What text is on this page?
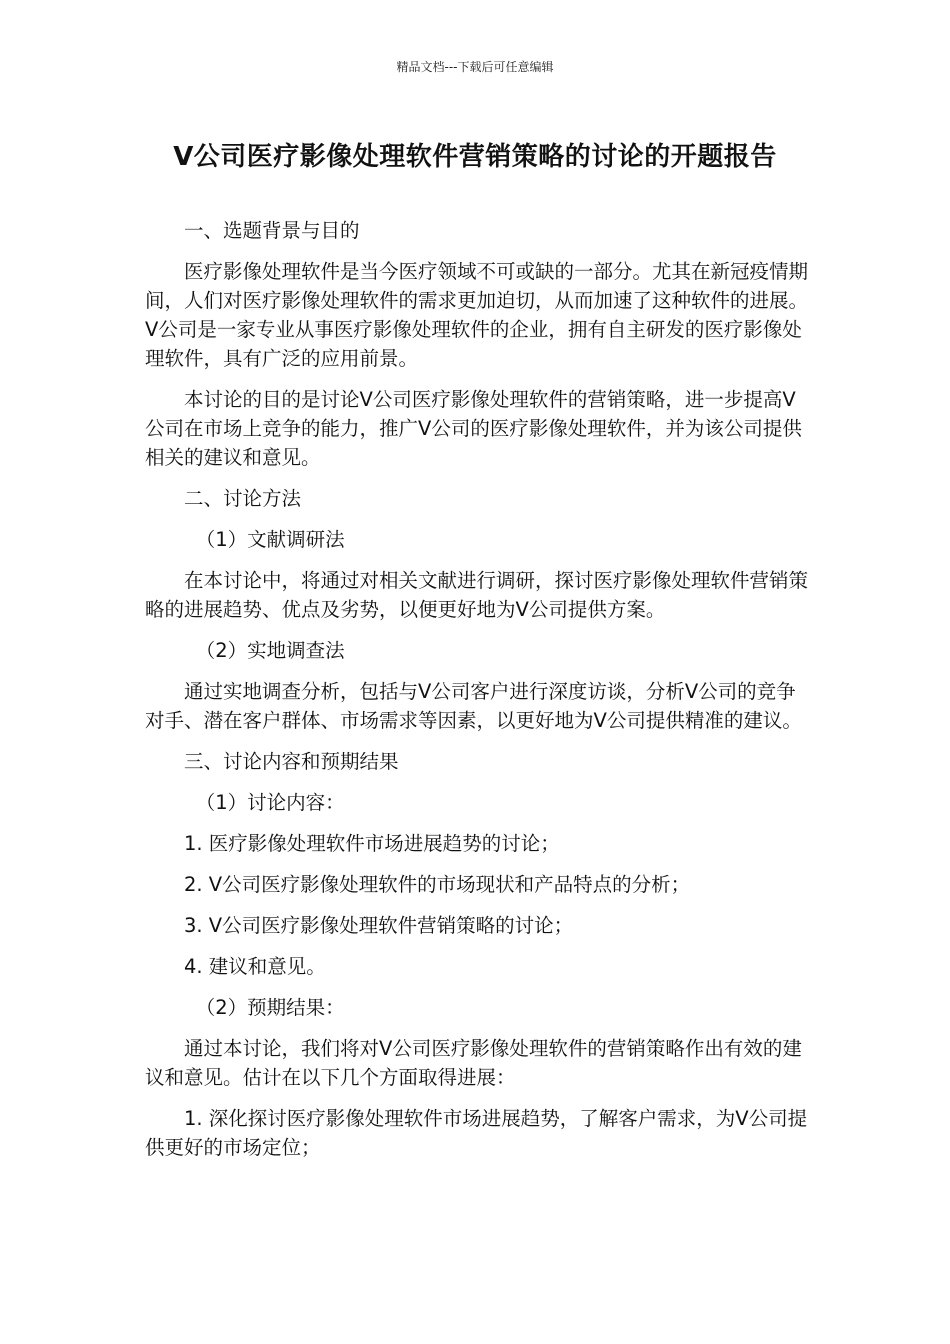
精品文档---下载后可任意编辑
V公司医疗影像处理软件营销策略的讨论的开题报告

一、选题背景与目的

医疗影像处理软件是当今医疗领域不可或缺的一部分。尤其在新冠疫情期间，人们对医疗影像处理软件的需求更加迫切，从而加速了这种软件的进展。V公司是一家专业从事医疗影像处理软件的企业，拥有自主研发的医疗影像处理软件，具有广泛的应用前景。

本讨论的目的是讨论V公司医疗影像处理软件的营销策略，进一步提高V公司在市场上竞争的能力，推广V公司的医疗影像处理软件，并为该公司提供相关的建议和意见。

二、讨论方法

（1）文献调研法

在本讨论中，将通过对相关文献进行调研，探讨医疗影像处理软件营销策略的进展趋势、优点及劣势，以便更好地为V公司提供方案。

（2）实地调查法

通过实地调查分析，包括与V公司客户进行深度访谈，分析V公司的竞争对手、潜在客户群体、市场需求等因素，以更好地为V公司提供精准的建议。

三、讨论内容和预期结果

（1）讨论内容：

1. 医疗影像处理软件市场进展趋势的讨论；

2. V公司医疗影像处理软件的市场现状和产品特点的分析；

3. V公司医疗影像处理软件营销策略的讨论；

4. 建议和意见。

（2）预期结果：

通过本讨论，我们将对V公司医疗影像处理软件的营销策略作出有效的建议和意见。估计在以下几个方面取得进展：

1. 深化探讨医疗影像处理软件市场进展趋势，了解客户需求，为V公司提供更好的市场定位；
